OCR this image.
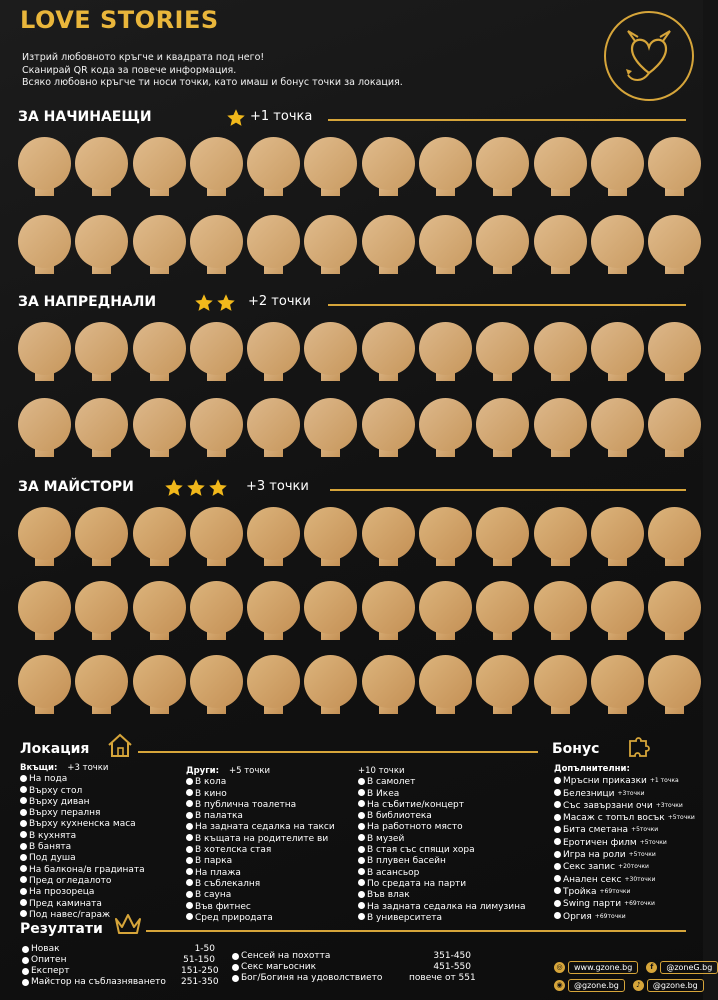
LOVE STORIES
Изтрий любовното кръгче и квадрата под него!
Сканирай QR кода за повече информация.
Всяко любовно кръгче ти носи точки, като имаш и бонус точки за локация.
ЗА НАЧИНАЕЩИ	+1 точка
ЗА НАПРЕДНАЛИ	+2 точки
ЗА МАЙСТОРИ	+3 точки
Локация	Бонус
Вкъщи: +3 точки
На пода
Върху стол
Върху диван
Върху пералня
Върху кухненска маса
В кухнята
В банята
Под душа
На балкона/в градината
Пред огледалото
На прозореца
Пред камината
Под навес/гараж
Други: +5 точки
В кола
В кино
В публична тоалетна
В палатка
На задната седалка на такси
В къщата на родителите ви
В хотелска стая
В парка
На плажа
В съблекалня
В сауна
Във фитнес
Сред природата
+10 точки
В самолет
В Икеа
На събитие/концерт
В библиотека
На работното място
В музей
В стая със спящи хора
В плувен басейн
В асансьор
По средата на парти
Във влак
На задната седалка на лимузина
В университета
Допълнителни:
Мръсни приказки +1 точка
Белезници +3точки
Със завързани очи +3точки
Масаж с топъл восък +5точки
Бита сметана +5точки
Еротичен филм +5точки
Игра на роли +5точки
Секс запис +20точки
Анален секс +30точки
Тройка +69точки
Swing парти +69точки
Оргия +69точки
Резултати
Новак	1-50
Опитен	51-150
Експерт	151-250
Майстор на съблазняването	251-350
Сенсей на похотта	351-450
Секс магьосник	451-550
Бог/Богиня на удоволствието	повече от 551
◎	www.gzone.bg	f	@zoneG.bg
◉	@gzone.bg	♪	@gzone.bg
